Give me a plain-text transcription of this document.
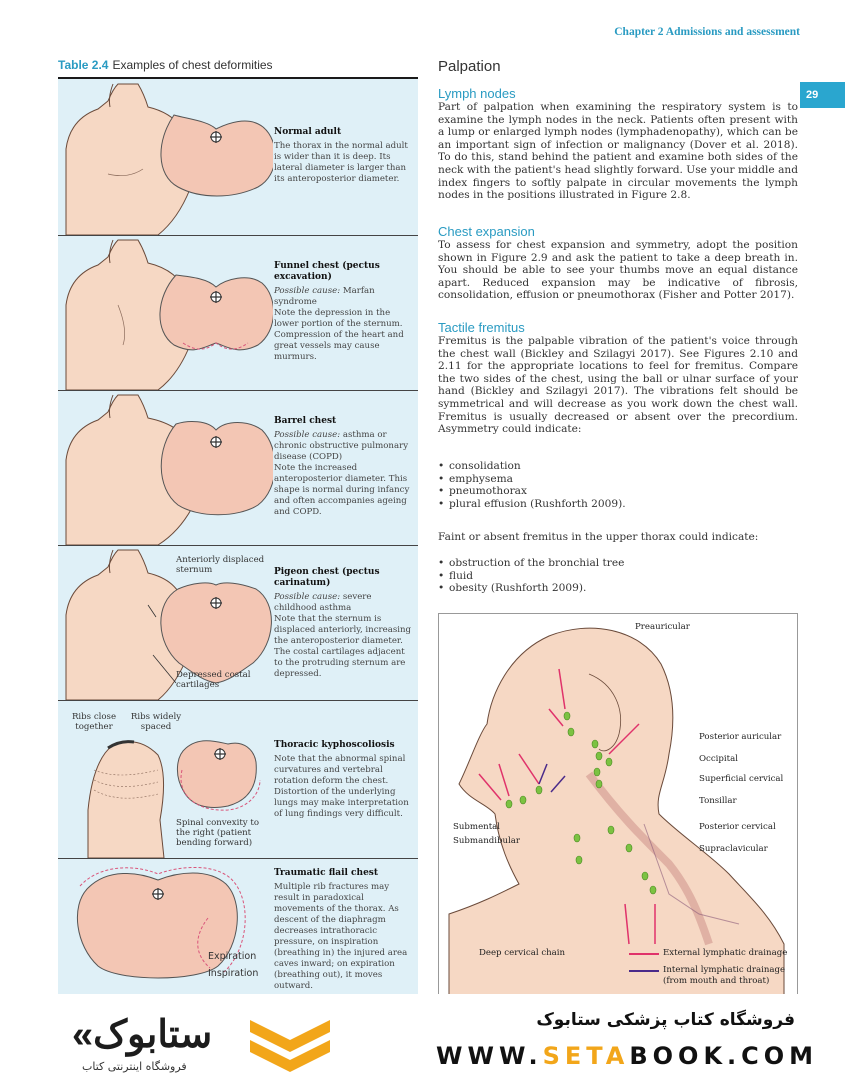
Chapter 2 Admissions and assessment
29
Table 2.4 Examples of chest deformities
Normal adult
The thorax in the normal adult is wider than it is deep. Its lateral diameter is larger than its anteroposterior diameter.
Funnel chest (pectus excavation)
Possible cause: Marfan syndrome
Note the depression in the lower portion of the sternum. Compression of the heart and great vessels may cause murmurs.
Barrel chest
Possible cause: asthma or chronic obstructive pulmonary disease (COPD)
Note the increased anteroposterior diameter. This shape is normal during infancy and often accompanies ageing and COPD.
Anteriorly displaced sternum
Depressed costal cartilages
Pigeon chest (pectus carinatum)
Possible cause: severe childhood asthma
Note that the sternum is displaced anteriorly, increasing the anteroposterior diameter. The costal cartilages adjacent to the protruding sternum are depressed.
Ribs close together
Ribs widely spaced
Spinal convexity to the right (patient bending forward)
Thoracic kyphoscoliosis
Note that the abnormal spinal curvatures and vertebral rotation deform the chest. Distortion of the underlying lungs may make interpretation of lung findings very difficult.
Expiration
Inspiration
Traumatic flail chest
Multiple rib fractures may result in paradoxical movements of the thorax. As descent of the diaphragm decreases intrathoracic pressure, on inspiration (breathing in) the injured area caves inward; on expiration (breathing out), it moves outward.
Palpation
Lymph nodes
Part of palpation when examining the respiratory system is to examine the lymph nodes in the neck. Patients often present with a lump or enlarged lymph nodes (lymphadenopathy), which can be an important sign of infection or malignancy (Dover et al. 2018). To do this, stand behind the patient and examine both sides of the neck with the patient's head slightly forward. Use your middle and index fingers to softly palpate in circular movements the lymph nodes in the positions illustrated in Figure 2.8.
Chest expansion
To assess for chest expansion and symmetry, adopt the position shown in Figure 2.9 and ask the patient to take a deep breath in. You should be able to see your thumbs move an equal distance apart. Reduced expansion may be indicative of fibrosis, consolidation, effusion or pneumothorax (Fisher and Potter 2017).
Tactile fremitus
Fremitus is the palpable vibration of the patient's voice through the chest wall (Bickley and Szilagyi 2017). See Figures 2.10 and 2.11 for the appropriate locations to feel for fremitus. Compare the two sides of the chest, using the ball or ulnar surface of your hand (Bickley and Szilagyi 2017). The vibrations felt should be symmetrical and will decrease as you work down the chest wall. Fremitus is usually decreased or absent over the precordium. Asymmetry could indicate:
• consolidation
• emphysema
• pneumothorax
• plural effusion (Rushforth 2009).
Faint or absent fremitus in the upper thorax could indicate:
• obstruction of the bronchial tree
• fluid
• obesity (Rushforth 2009).
Preauricular
Posterior auricular
Occipital
Superficial cervical
Tonsillar
Submental
Submandibular
Posterior cervical
Supraclavicular
Deep cervical chain	External lymphatic drainage
Internal lymphatic drainage (from mouth and throat)
«ستابوک
فروشگاه اینترنتی کتاب
فروشگاه کتاب پزشکی ستابوک
WWW.SETABOOK.COM
